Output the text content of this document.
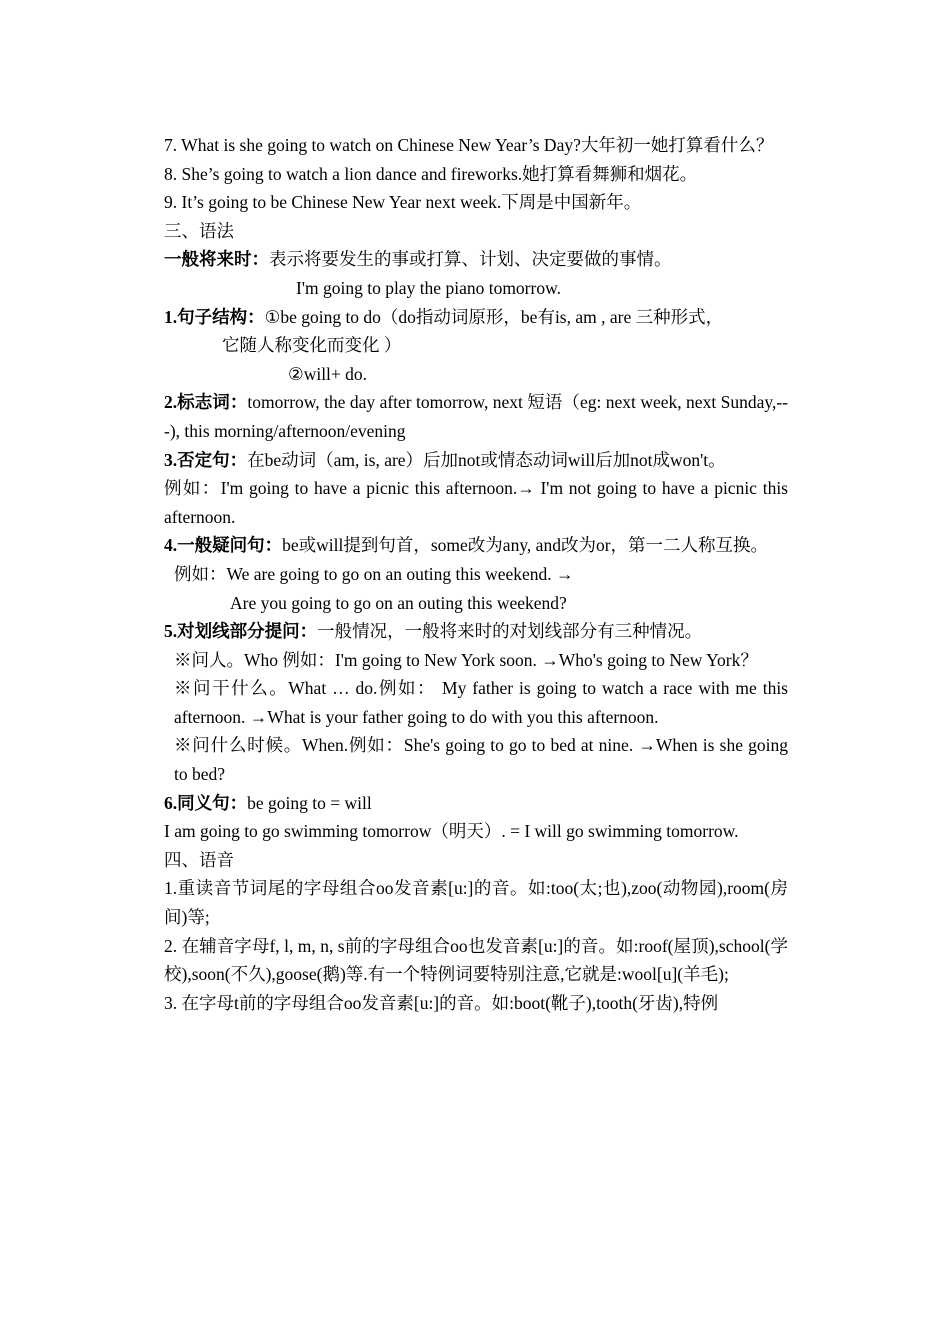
7. What is she going to watch on Chinese New Year’s Day?大年初一她打算看什么？

8. She’s going to watch a lion dance and fireworks.她打算看舞狮和烟花。

9. It’s going to be Chinese New Year next week.下周是中国新年。

三、语法

一般将来时：表示将要发生的事或打算、计划、决定要做的事情。

I'm going to play the piano tomorrow.

1.句子结构：①be going to do（do指动词原形，be有is, am , are 三种形式，

它随人称变化而变化 ）

②will+ do.

2.标志词：tomorrow, the day after tomorrow, next 短语（eg: next week, next Sunday,---), this morning/afternoon/evening

3.否定句：在be动词（am, is, are）后加not或情态动词will后加not成won't。

例如：I'm going to have a picnic this afternoon.→ I'm not going to have a picnic this afternoon.

4.一般疑问句：be或will提到句首，some改为any, and改为or，第一二人称互换。

例如：We are going to go on an outing this weekend. →

Are you going to go on an outing this weekend?

5.对划线部分提问：一般情况，一般将来时的对划线部分有三种情况。

※问人。Who 例如：I'm going to New York soon. →Who's going to New York？

※问干什么。What … do.例如： My father is going to watch a race with me this afternoon. →What is your father going to do with you this afternoon.

※问什么时候。When.例如：She's going to go to bed at nine. →When is she going to bed?

6.同义句：be going to = will

I am going to go swimming tomorrow（明天）. = I will go swimming tomorrow.

四、语音

1.重读音节词尾的字母组合oo发音素[u:]的音。如:too(太;也),zoo(动物园),room(房间)等;

2. 在辅音字母f, l, m, n, s前的字母组合oo也发音素[u:]的音。如:roof(屋顶),school(学校),soon(不久),goose(鹅)等.有一个特例词要特别注意,它就是:wool[u](羊毛);

3. 在字母t前的字母组合oo发音素[u:]的音。如:boot(靴子),tooth(牙齿),特例
